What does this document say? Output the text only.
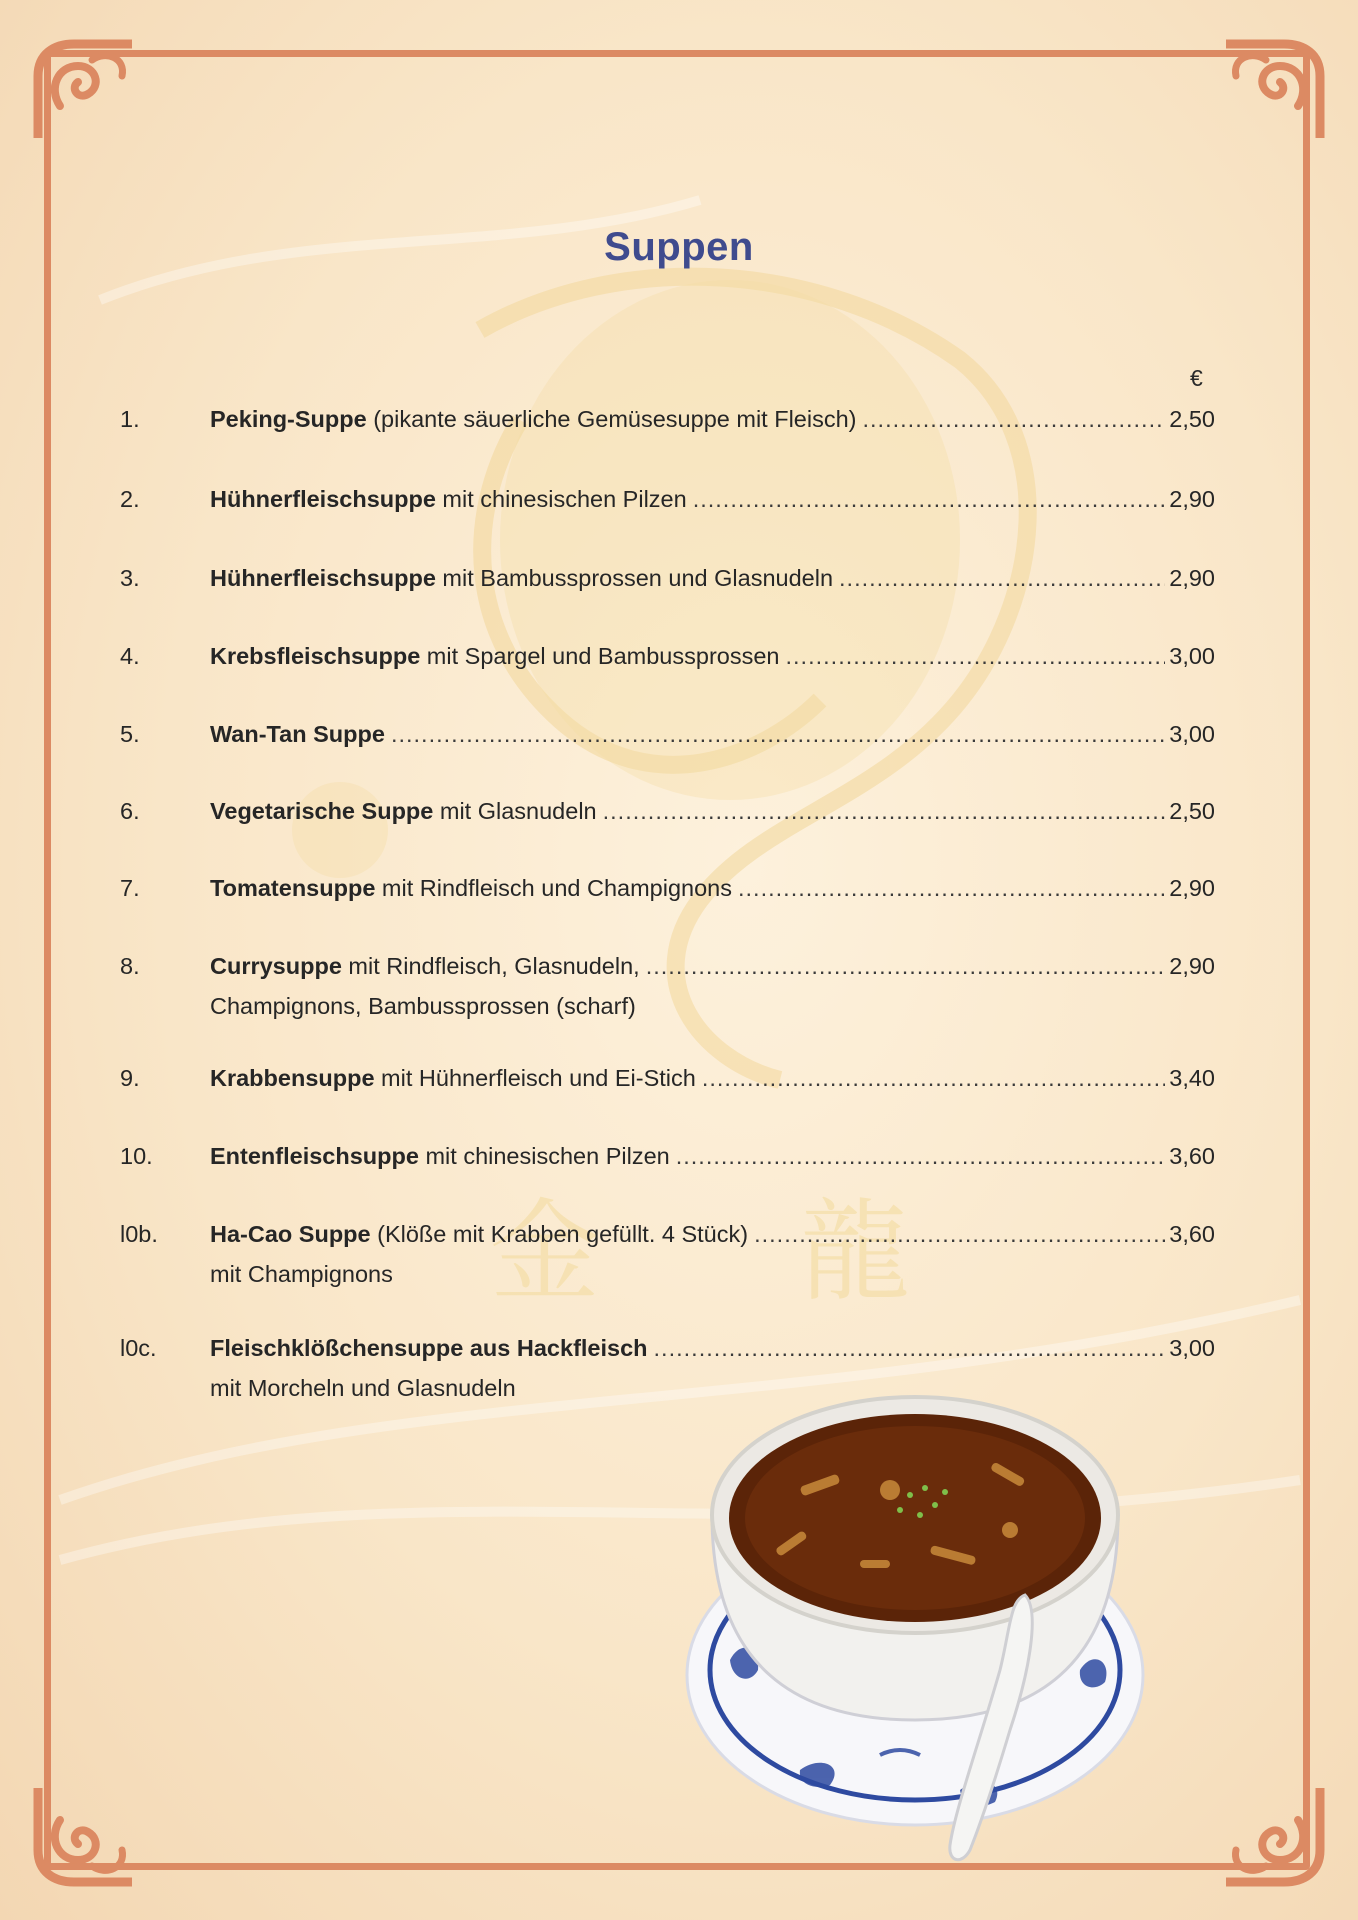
金 龍
Suppen
€
1.	Peking-Suppe (pikante säuerliche Gemüsesuppe mit Fleisch) .....	2,50
2.	Hühnerfleischsuppe mit chinesischen Pilzen .....	2,90
3.	Hühnerfleischsuppe mit Bambussprossen und Glasnudeln .....	2,90
4.	Krebsfleischsuppe mit Spargel und Bambussprossen .....	3,00
5.	Wan-Tan Suppe .....	3,00
6.	Vegetarische Suppe mit Glasnudeln .....	2,50
7.	Tomatensuppe mit Rindfleisch und Champignons .....	2,90
8.	Currysuppe mit Rindfleisch, Glasnudeln, .....	2,90
Champignons, Bambussprossen (scharf)
9.	Krabbensuppe mit Hühnerfleisch und Ei-Stich .....	3,40
10.	Entenfleischsuppe mit chinesischen Pilzen .....	3,60
l0b.	Ha-Cao Suppe (Klöße mit Krabben gefüllt. 4 Stück) .....	3,60
mit Champignons
l0c.	Fleischklößchensuppe aus Hackfleisch .....	3,00
mit Morcheln und Glasnudeln
